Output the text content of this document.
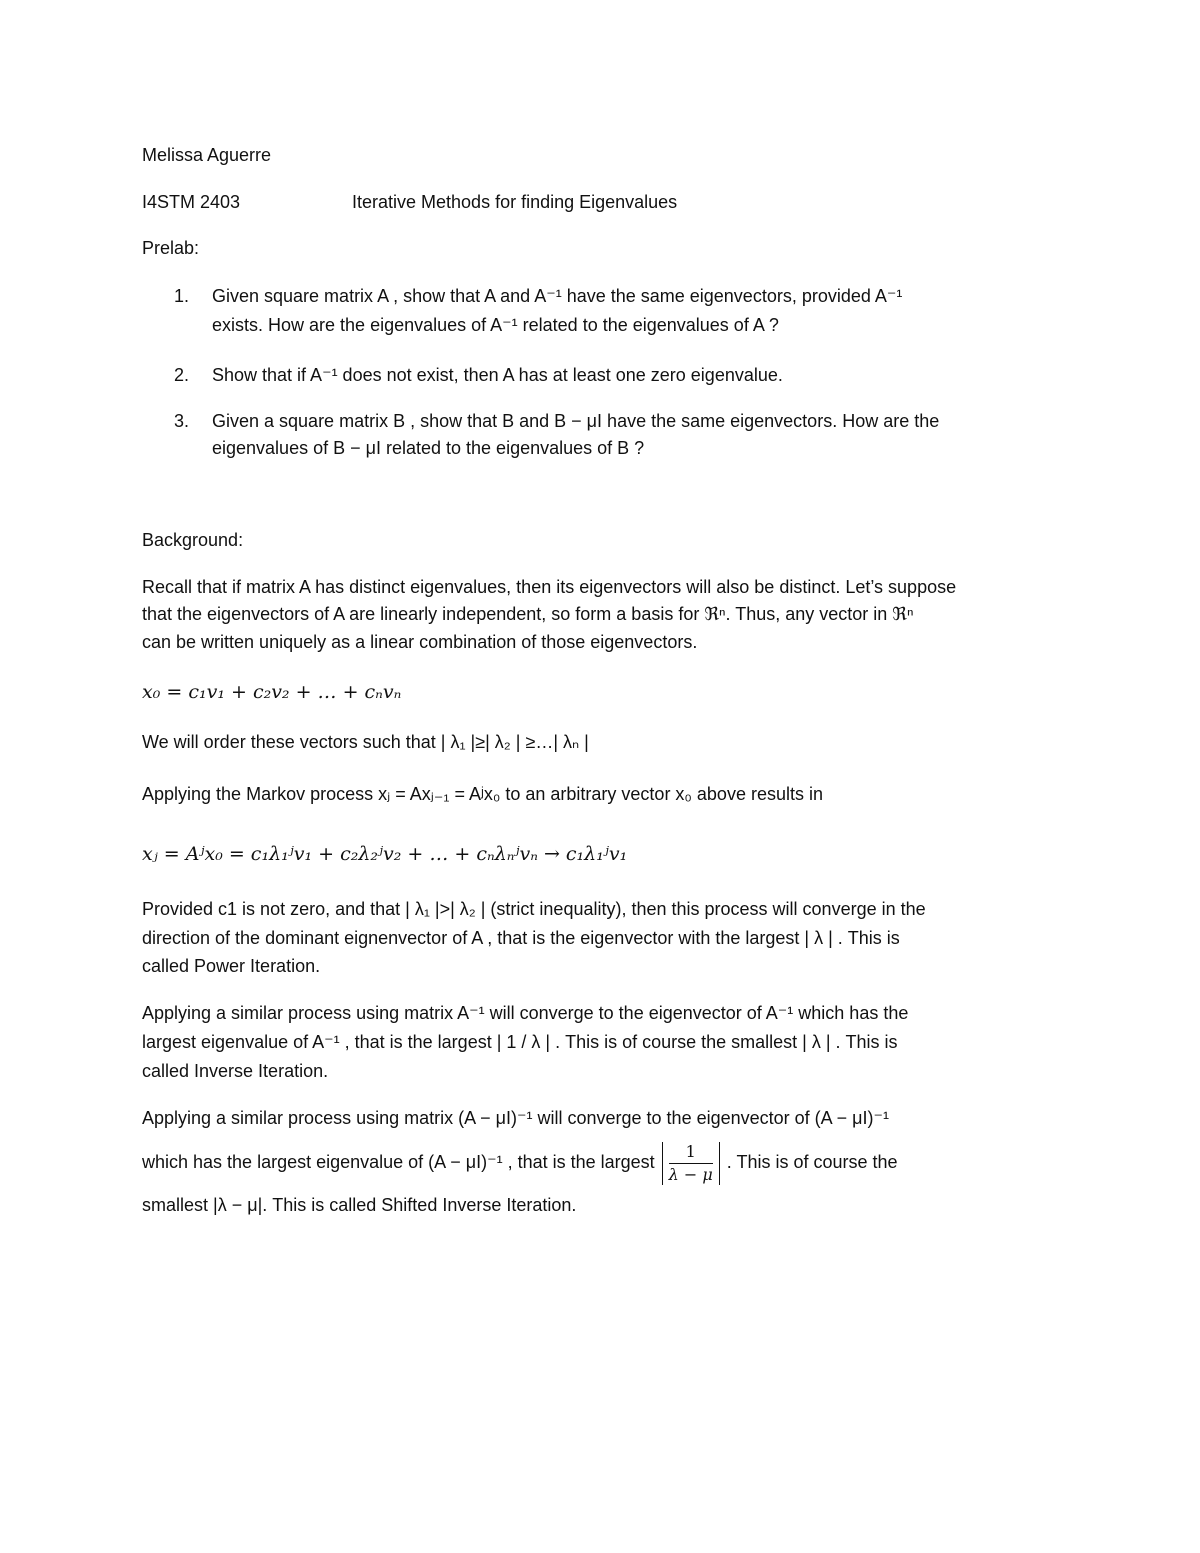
Melissa Aguerre
I4STM 2403	Iterative Methods for finding Eigenvalues
Prelab:
1. Given square matrix A , show that A and A⁻¹ have the same eigenvectors, provided A⁻¹
exists. How are the eigenvalues of A⁻¹ related to the eigenvalues of A ?
2. Show that if A⁻¹ does not exist, then A has at least one zero eigenvalue.
3. Given a square matrix B , show that B and B − μI have the same eigenvectors. How are the
eigenvalues of B − μI related to the eigenvalues of B ?
Background:
Recall that if matrix A has distinct eigenvalues, then its eigenvectors will also be distinct. Let’s suppose
that the eigenvectors of A are linearly independent, so form a basis for ℜⁿ. Thus, any vector in ℜⁿ
can be written uniquely as a linear combination of those eigenvectors.
x₀ = c₁v₁ + c₂v₂ + … + cₙvₙ
We will order these vectors such that | λ₁ |≥| λ₂ | ≥…| λₙ |
Applying the Markov process xⱼ = Axⱼ₋₁ = Aʲx₀ to an arbitrary vector x₀ above results in
xⱼ = Aʲx₀ = c₁λ₁ʲv₁ + c₂λ₂ʲv₂ + … + cₙλₙʲvₙ → c₁λ₁ʲv₁
Provided c1 is not zero, and that | λ₁ |>| λ₂ | (strict inequality), then this process will converge in the
direction of the dominant eignenvector of A , that is the eigenvector with the largest | λ | . This is
called Power Iteration.
Applying a similar process using matrix A⁻¹ will converge to the eigenvector of A⁻¹ which has the
largest eigenvalue of A⁻¹ , that is the largest | 1 / λ | . This is of course the smallest | λ | . This is
called Inverse Iteration.
Applying a similar process using matrix (A − μI)⁻¹ will converge to the eigenvector of (A − μI)⁻¹
which has the largest eigenvalue of (A − μI)⁻¹ , that is the largest $\frac{1}{\lambda - \mu}$ . This is of course the
smallest |λ − μ|. This is called Shifted Inverse Iteration.
